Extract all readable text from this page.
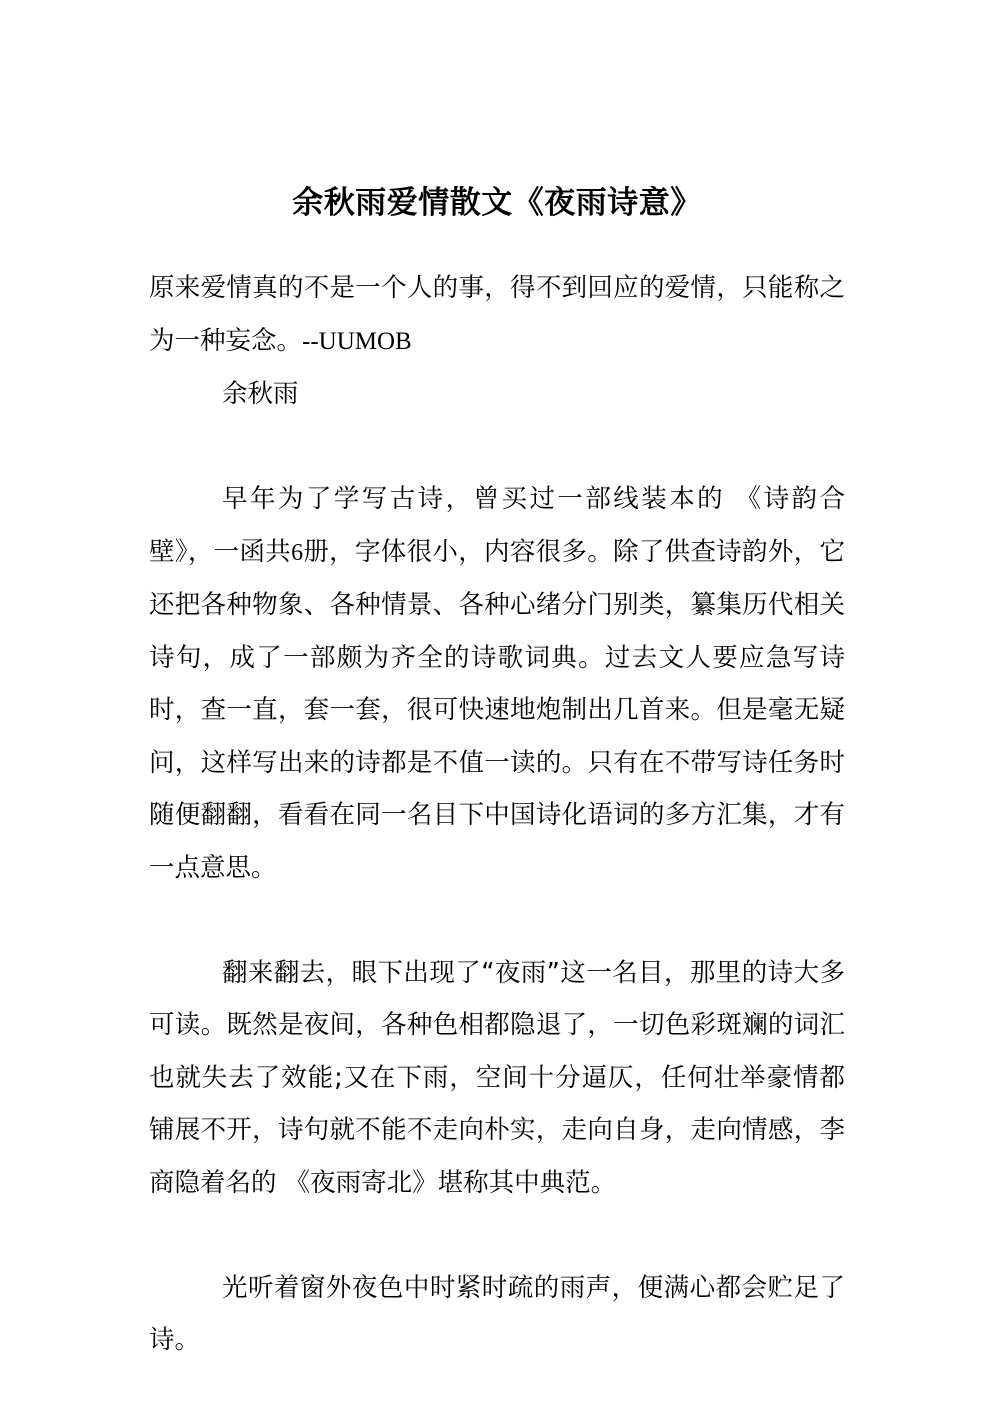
余秋雨爱情散文《夜雨诗意》

原来爱情真的不是一个人的事，得不到回应的爱情，只能称之为一种妄念。--UUMOB

余秋雨

早年为了学写古诗，曾买过一部线装本的 《诗韵合壁》，一函共6册，字体很小，内容很多。除了供查诗韵外，它还把各种物象、各种情景、各种心绪分门别类，纂集历代相关诗句，成了一部颇为齐全的诗歌词典。过去文人要应急写诗时，查一直，套一套，很可快速地炮制出几首来。但是毫无疑问，这样写出来的诗都是不值一读的。只有在不带写诗任务时随便翻翻，看看在同一名目下中国诗化语词的多方汇集，才有一点意思。

翻来翻去，眼下出现了“夜雨”这一名目，那里的诗大多可读。既然是夜间，各种色相都隐退了，一切色彩斑斓的词汇也就失去了效能;又在下雨，空间十分逼仄，任何壮举豪情都铺展不开，诗句就不能不走向朴实，走向自身，走向情感，李商隐着名的 《夜雨寄北》堪称其中典范。

光听着窗外夜色中时紧时疏的雨声，便满心都会贮足了诗。
